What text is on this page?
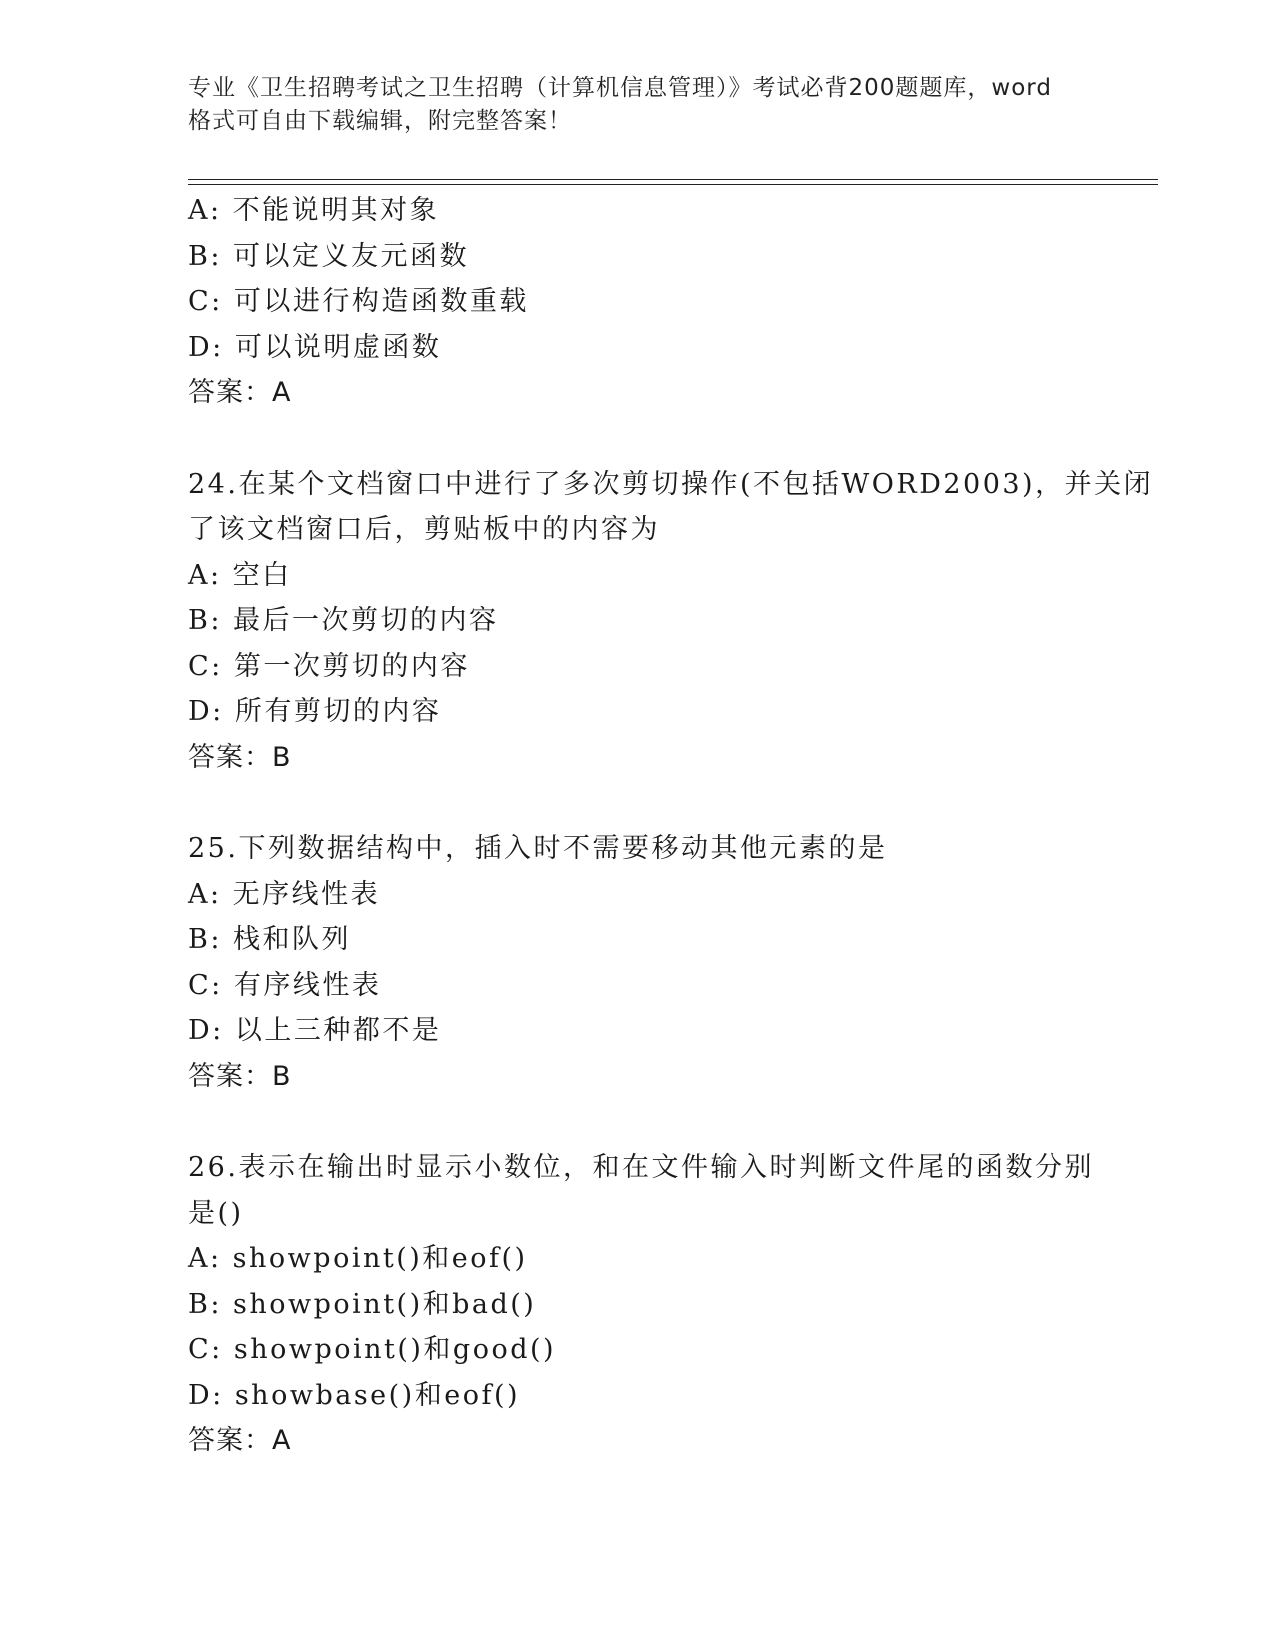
专业《卫生招聘考试之卫生招聘（计算机信息管理）》考试必背200题题库，word
格式可自由下载编辑，附完整答案！
A: 不能说明其对象
B: 可以定义友元函数
C: 可以进行构造函数重载
D: 可以说明虚函数
答案：A
24.在某个文档窗口中进行了多次剪切操作(不包括WORD2003)，并关闭
了该文档窗口后，剪贴板中的内容为
A: 空白
B: 最后一次剪切的内容
C: 第一次剪切的内容
D: 所有剪切的内容
答案：B
25.下列数据结构中，插入时不需要移动其他元素的是
A: 无序线性表
B: 栈和队列
C: 有序线性表
D: 以上三种都不是
答案：B
26.表示在输出时显示小数位，和在文件输入时判断文件尾的函数分别
是()
A: showpoint()和eof()
B: showpoint()和bad()
C: showpoint()和good()
D: showbase()和eof()
答案：A
